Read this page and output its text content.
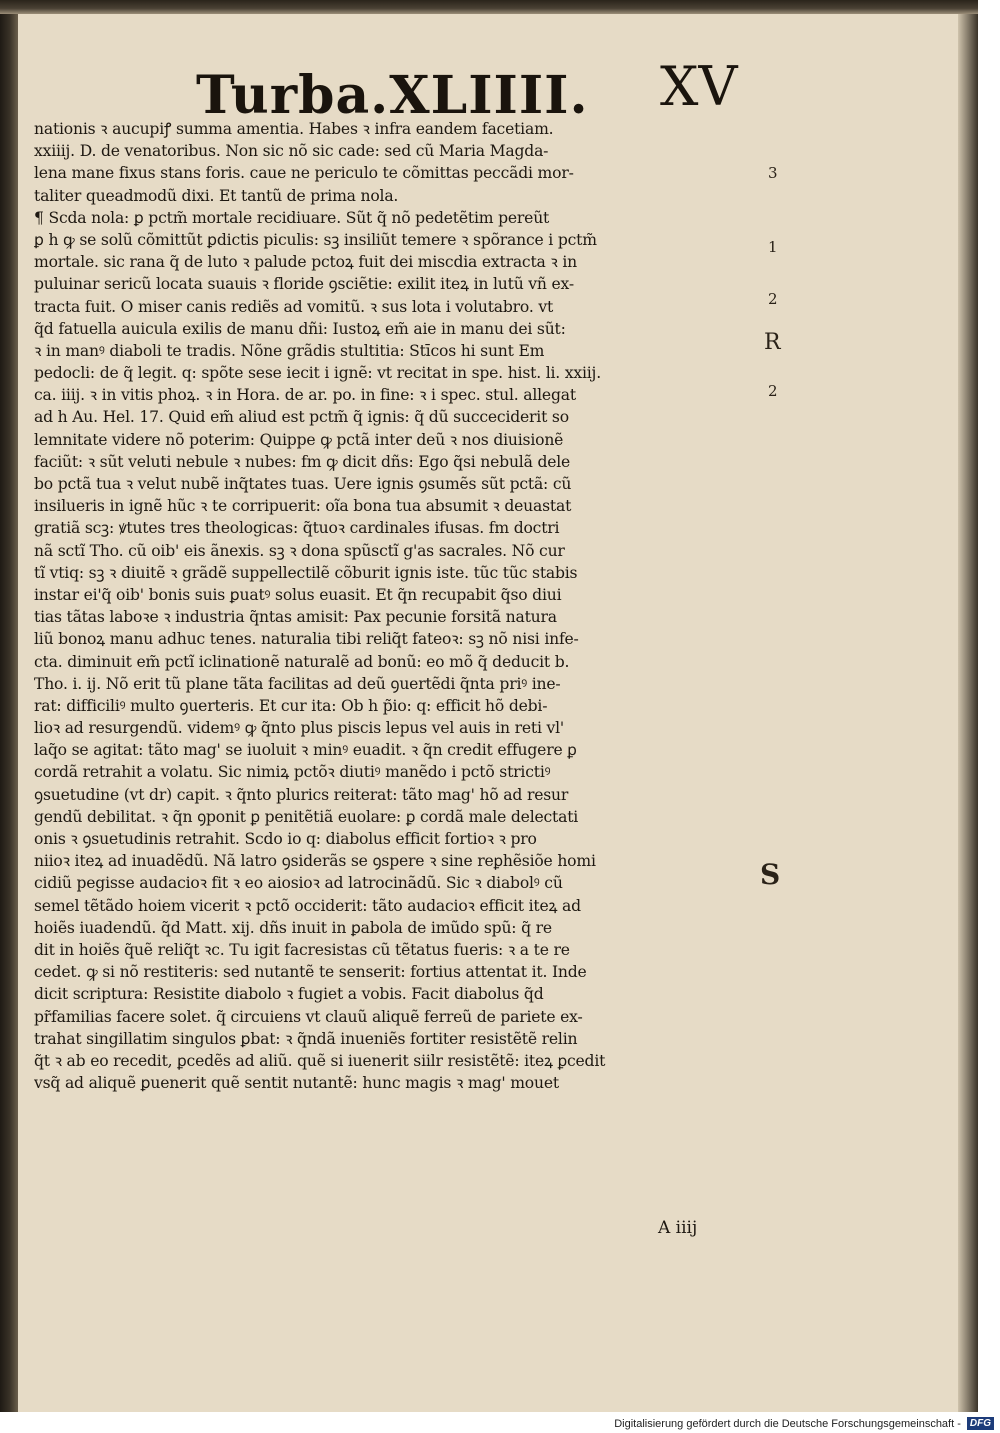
Turba.XLIIII. XV
nationis ꝛ aucupiꝭ summa amentia. Habes ꝛ infra eandem facetiam.
xxiiij. D. de venatoribus. Non sic nõ sic cade: sed cũ Maria Magda-
lena mane fixus stans foris. caue ne periculo te cõmittas peccãdi mor-
taliter queadmodũ dixi. Et tantũ de prima nola.
¶ Scda nola: ꝑ pctm̃ mortale recidiuare. Sũt q̃ nõ pedetẽtim pereũt
ꝑ h ꝙ se solũ cõmittũt ꝑdictis piculis: sꝫ insiliũt temere ꝛ spõrance i pctm̃
mortale. sic rana q̃ de luto ꝛ palude pctoꝝ fuit dei miscdia extracta ꝛ in
puluinar sericũ locata suauis ꝛ floride ꝯsciẽtie: exilit iteꝝ in lutũ vñ ex-
tracta fuit. O miser canis rediẽs ad vomitũ. ꝛ sus lota i volutabro. vt
q̃d fatuella auicula exilis de manu dñi: Iustoꝝ em̃ aie in manu dei sũt:
ꝛ in manꝰ diaboli te tradis. Nõne grãdis stultitia: Stīcos hi sunt Em
pedocli: de q̃ legit. q: spõte sese iecit i ignẽ: vt recitat in spe. hist. li. xxiij.
ca. iiij. ꝛ in vitis phoꝝ. ꝛ in Hora. de ar. po. in fine: ꝛ i spec. stul. allegat
ad h Au. Hel. 17. Quid em̃ aliud est pctm̃ q̃ ignis: q̃ dũ succeciderit so
lemnitate videre nõ poterim: Quippe ꝙ pctã inter deũ ꝛ nos diuisionẽ
faciũt: ꝛ sũt veluti nebule ꝛ nubes: fm ꝙ dicit dñs: Ego q̃si nebulã dele
bo pctã tua ꝛ velut nubẽ inq̃tates tuas. Uere ignis ꝯsumẽs sũt pctã: cũ
insilueris in ignẽ hũc ꝛ te corripuerit: oĩa bona tua absumit ꝛ deuastat
gratiã scꝫ: ꝟtutes tres theologicas: q̃tuoꝛ cardinales ifusas. fm doctri
nã sctĩ Tho. cũ oib' eis ãnexis. sꝫ ꝛ dona spũsctĩ g'as sacrales. Nõ cur
tĩ vtiq: sꝫ ꝛ diuitẽ ꝛ grãdẽ suppellectilẽ cõburit ignis iste. tũc tũc stabis
instar ei'q̃ oib' bonis suis ꝑuatꝰ solus euasit. Et q̃n recupabit q̃so diui
tias tãtas laboꝛe ꝛ industria q̃ntas amisit: Pax pecunie forsitã natura
liũ bonoꝝ manu adhuc tenes. naturalia tibi reliq̃t fateoꝛ: sꝫ nõ nisi infe-
cta. diminuit em̃ pctĩ iclinationẽ naturalẽ ad bonũ: eo mõ q̃ deducit b.
Tho. i. ij. Nõ erit tũ plane tãta facilitas ad deũ ꝯuertẽdi q̃nta priꝰ ine-
rat: difficiliꝰ multo ꝯuerteris. Et cur ita: Ob h p̃io: q: efficit hõ debi-
lioꝛ ad resurgendũ. videmꝰ ꝙ q̃nto plus piscis lepus vel auis in reti vl'
laq̃o se agitat: tãto mag' se iuoluit ꝛ minꝰ euadit. ꝛ q̃n credit effugere ꝑ
cordã retrahit a volatu. Sic nimiꝝ pctõꝛ diutiꝰ manẽdo i pctõ strictiꝰ
ꝯsuetudine (vt dr) capit. ꝛ q̃nto plurics reiterat: tãto mag' hõ ad resur
gendũ debilitat. ꝛ q̃n ꝯponit ꝑ penitẽtiã euolare: ꝑ cordã male delectati
onis ꝛ ꝯsuetudinis retrahit. Scdo io q: diabolus efficit fortioꝛ ꝛ pro
niioꝛ iteꝝ ad inuadẽdũ. Nã latro ꝯsiderãs se ꝯspere ꝛ sine reꝑhẽsiõe homi
cidiũ pegisse audacioꝛ fit ꝛ eo aiosioꝛ ad latrocinãdũ. Sic ꝛ diabolꝰ cũ
semel tẽtãdo hoiem vicerit ꝛ pctõ occiderit: tãto audacioꝛ efficit iteꝝ ad
hoiẽs iuadendũ. q̃d Matt. xij. dñs inuit in ꝑabola de imũdo spũ: q̃ re
dit in hoiẽs q̃uẽ reliq̃t ꝛc. Tu igit facresistas cũ tẽtatus fueris: ꝛ a te re
cedet. ꝙ si nõ restiteris: sed nutantẽ te senserit: fortius attentat it. Inde
dicit scriptura: Resistite diabolo ꝛ fugiet a vobis. Facit diabolus q̃d
pr̃familias facere solet. q̃ circuiens vt clauũ aliquẽ ferreũ de pariete ex-
trahat singillatim singulos ꝑbat: ꝛ q̃ndã inueniẽs fortiter resistẽtẽ relin
q̃t ꝛ ab eo recedit, ꝑcedẽs ad aliũ. quẽ si iuenerit siilr resistẽtẽ: iteꝝ ꝑcedit
vsq̃ ad aliquẽ ꝑuenerit quẽ sentit nutantẽ: hunc magis ꝛ mag' mouet
3
1
2
R
2
S
A iiij
Digitalisierung gefördert durch die Deutsche Forschungsgemeinschaft - DFG
